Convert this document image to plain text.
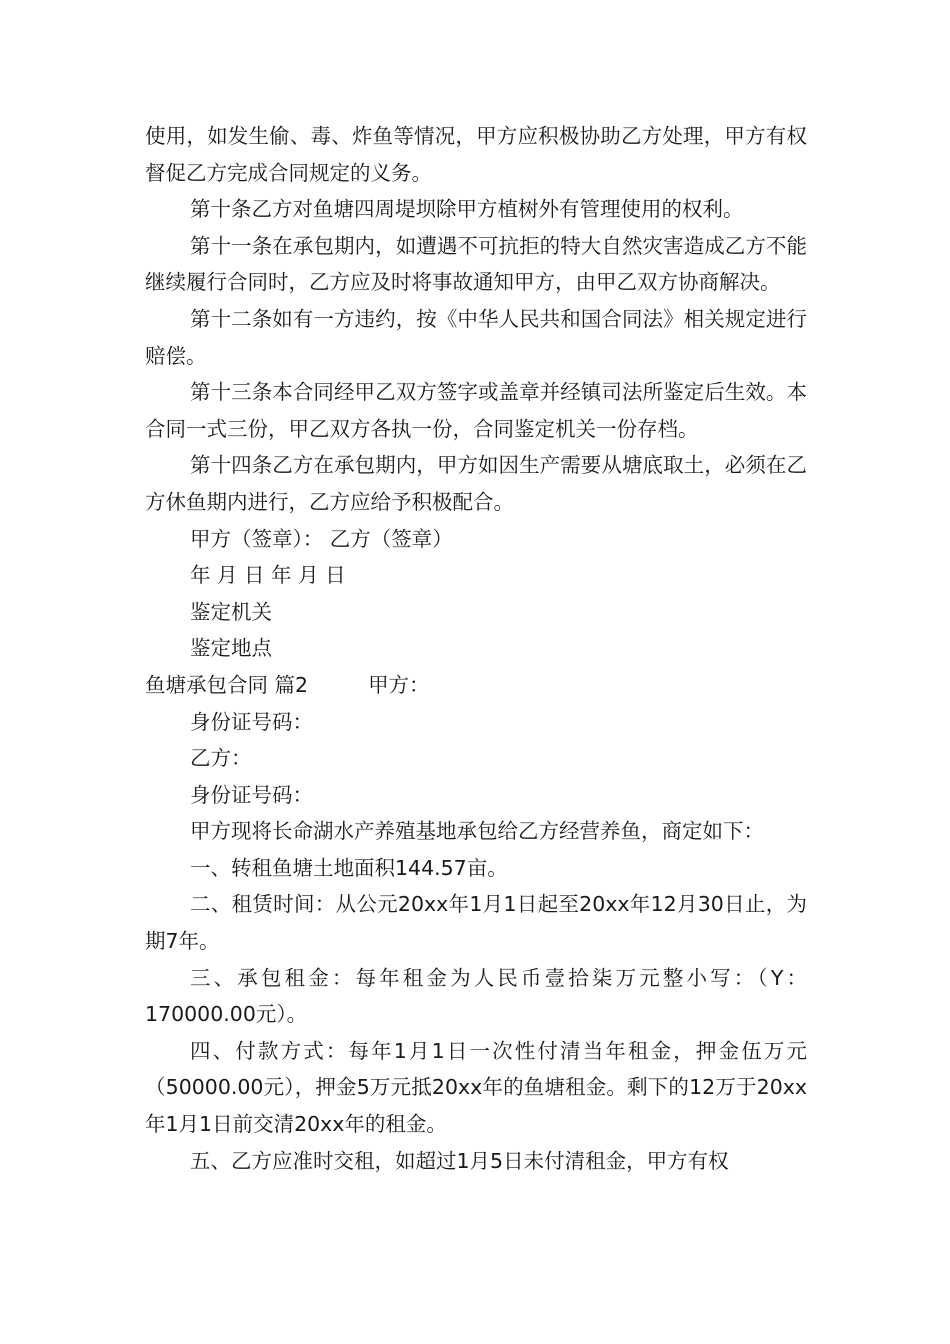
使用，如发生偷、毒、炸鱼等情况，甲方应积极协助乙方处理，甲方有权督促乙方完成合同规定的义务。

第十条乙方对鱼塘四周堤坝除甲方植树外有管理使用的权利。

第十一条在承包期内，如遭遇不可抗拒的特大自然灾害造成乙方不能继续履行合同时，乙方应及时将事故通知甲方，由甲乙双方协商解决。

第十二条如有一方违约，按《中华人民共和国合同法》相关规定进行赔偿。

第十三条本合同经甲乙双方签字或盖章并经镇司法所鉴定后生效。本合同一式三份，甲乙双方各执一份，合同鉴定机关一份存档。

第十四条乙方在承包期内，甲方如因生产需要从塘底取土，必须在乙方休鱼期内进行，乙方应给予积极配合。

甲方（签章）： 乙方（签章）

年 月 日 年 月 日

鉴定机关

鉴定地点

鱼塘承包合同 篇2	甲方：

身份证号码：

乙方：

身份证号码：

甲方现将长命湖水产养殖基地承包给乙方经营养鱼，商定如下：

一、转租鱼塘土地面积144.57亩。

二、租赁时间：从公元20xx年1月1日起至20xx年12月30日止，为期7年。

三、承包租金：每年租金为人民币壹拾柒万元整小写：（Y：170000.00元）。

四、付款方式：每年1月1日一次性付清当年租金，押金伍万元（50000.00元），押金5万元抵20xx年的鱼塘租金。剩下的12万于20xx年1月1日前交清20xx年的租金。

五、乙方应准时交租，如超过1月5日未付清租金，甲方有权
